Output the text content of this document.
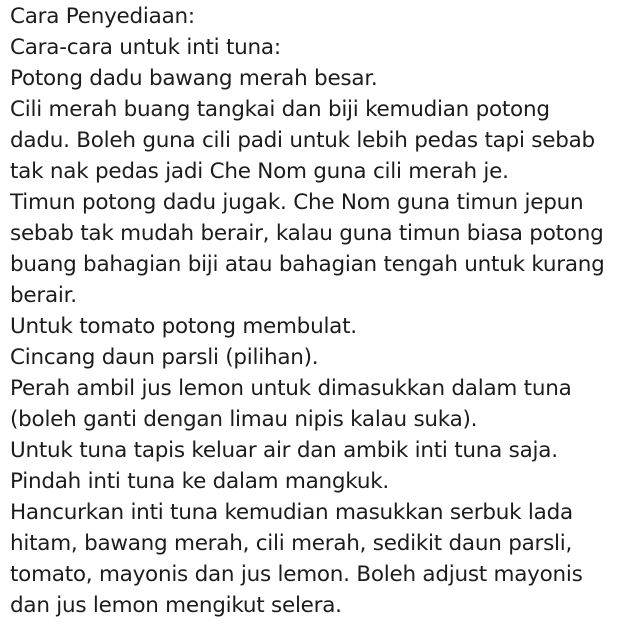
Cara Penyediaan:
Cara-cara untuk inti tuna:
Potong dadu bawang merah besar.
Cili merah buang tangkai dan biji kemudian potong
dadu. Boleh guna cili padi untuk lebih pedas tapi sebab
tak nak pedas jadi Che Nom guna cili merah je.
Timun potong dadu jugak. Che Nom guna timun jepun
sebab tak mudah berair, kalau guna timun biasa potong
buang bahagian biji atau bahagian tengah untuk kurang
berair.
Untuk tomato potong membulat.
Cincang daun parsli (pilihan).
Perah ambil jus lemon untuk dimasukkan dalam tuna
(boleh ganti dengan limau nipis kalau suka).
Untuk tuna tapis keluar air dan ambik inti tuna saja.
Pindah inti tuna ke dalam mangkuk.
Hancurkan inti tuna kemudian masukkan serbuk lada
hitam, bawang merah, cili merah, sedikit daun parsli,
tomato, mayonis dan jus lemon. Boleh adjust mayonis
dan jus lemon mengikut selera.
